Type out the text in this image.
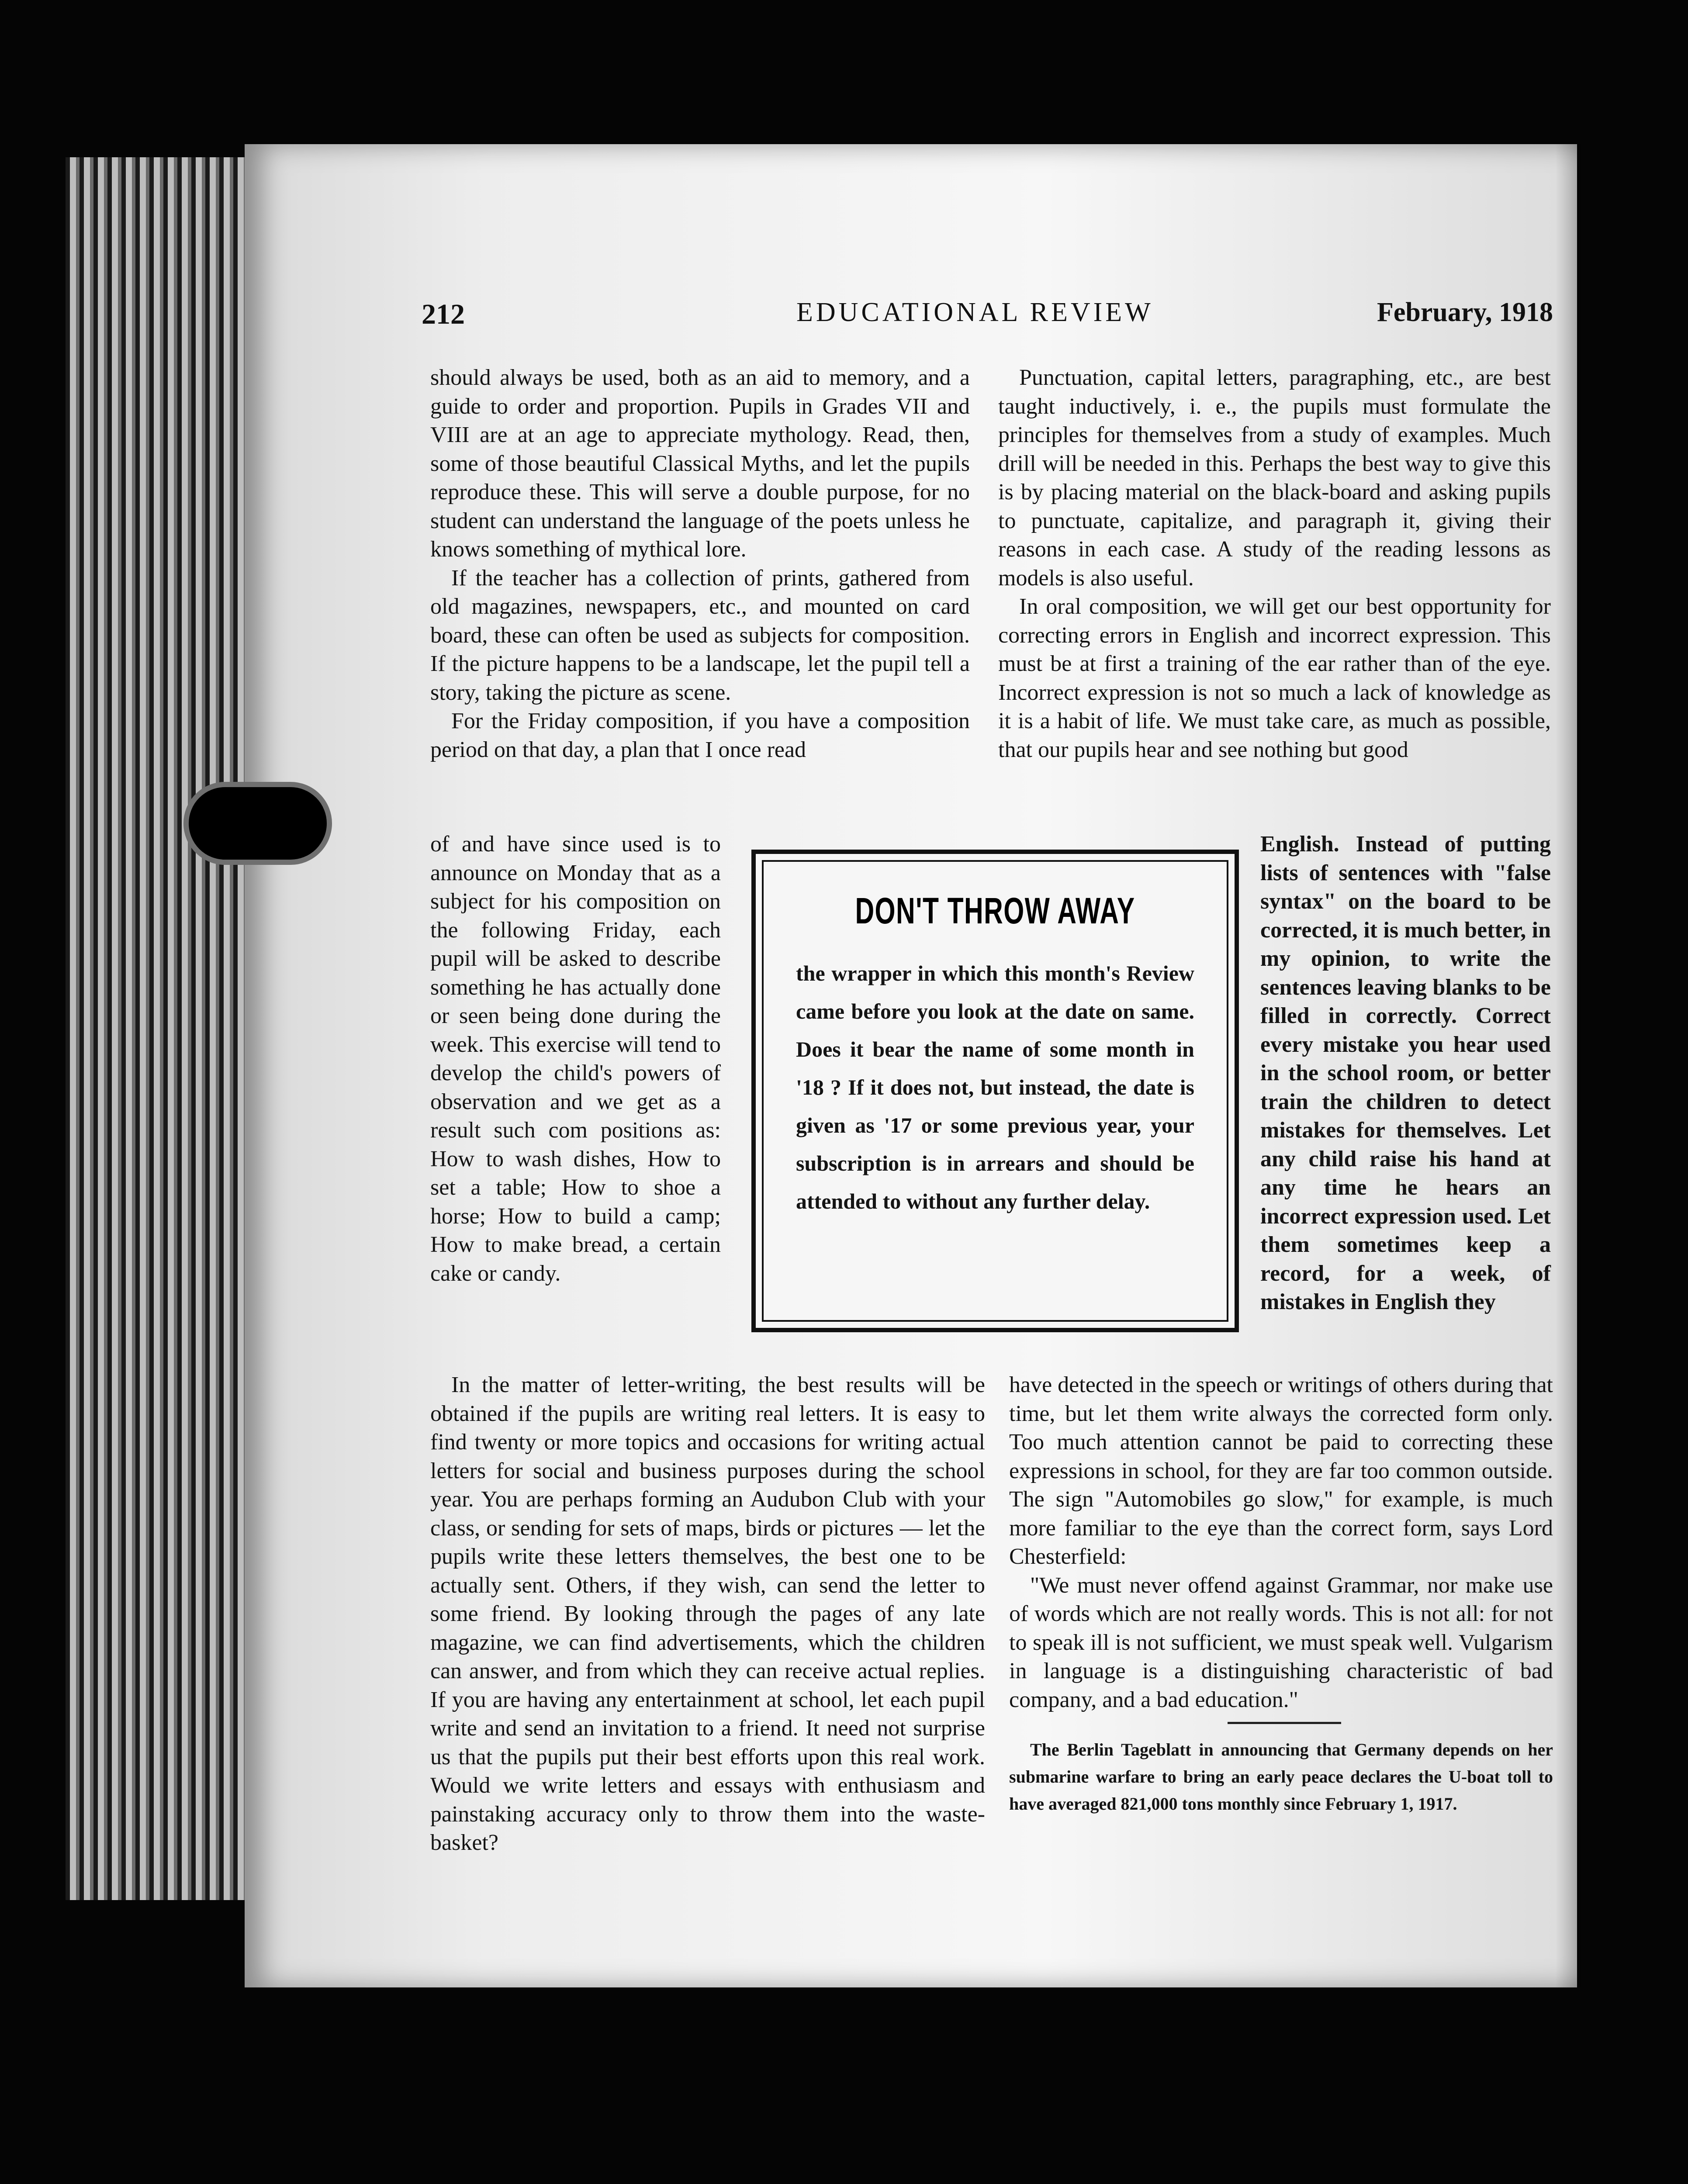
212	EDUCATIONAL REVIEW	February, 1918

should always be used, both as an aid to memory, and a guide to order and proportion. Pupils in Grades VII and VIII are at an age to appreciate mythology. Read, then, some of those beautiful Classical Myths, and let the pupils reproduce these. This will serve a double purpose, for no student can understand the language of the poets unless he knows something of mythical lore.

If the teacher has a collection of prints, gathered from old magazines, newspapers, etc., and mounted on card board, these can often be used as subjects for composition. If the picture happens to be a landscape, let the pupil tell a story, taking the picture as scene.

For the Friday composition, if you have a composition period on that day, a plan that I once read

of and have since used is to announce on Monday that as a subject for his composition on the following Friday, each pupil will be asked to describe something he has actually done or seen being done during the week. This exercise will tend to develop the child's powers of observation and we get as a result such com positions as: How to wash dishes, How to set a table; How to shoe a horse; How to build a camp; How to make bread, a certain cake or candy.

In the matter of letter-writing, the best results will be obtained if the pupils are writing real letters. It is easy to find twenty or more topics and occasions for writing actual letters for social and business purposes during the school year. You are perhaps forming an Audubon Club with your class, or sending for sets of maps, birds or pictures — let the pupils write these letters themselves, the best one to be actually sent. Others, if they wish, can send the letter to some friend. By looking through the pages of any late magazine, we can find advertisements, which the children can answer, and from which they can receive actual replies. If you are having any entertainment at school, let each pupil write and send an invitation to a friend. It need not surprise us that the pupils put their best efforts upon this real work. Would we write letters and essays with enthusiasm and painstaking accuracy only to throw them into the waste-basket?

Punctuation, capital letters, paragraphing, etc., are best taught inductively, i. e., the pupils must formulate the principles for themselves from a study of examples. Much drill will be needed in this. Perhaps the best way to give this is by placing material on the black-board and asking pupils to punctuate, capitalize, and paragraph it, giving their reasons in each case. A study of the reading lessons as models is also useful.

In oral composition, we will get our best opportunity for correcting errors in English and incorrect expression. This must be at first a training of the ear rather than of the eye. Incorrect expression is not so much a lack of knowledge as it is a habit of life. We must take care, as much as possible, that our pupils hear and see nothing but good

English. Instead of putting lists of sentences with "false syntax" on the board to be corrected, it is much better, in my opinion, to write the sentences leaving blanks to be filled in correctly. Correct every mistake you hear used in the school room, or better train the children to detect mistakes for themselves. Let any child raise his hand at any time he hears an incorrect expression used. Let them sometimes keep a record, for a week, of mistakes in English they

have detected in the speech or writings of others during that time, but let them write always the corrected form only. Too much attention cannot be paid to correcting these expressions in school, for they are far too common outside. The sign "Automobiles go slow," for example, is much more familiar to the eye than the correct form, says Lord Chesterfield:

"We must never offend against Grammar, nor make use of words which are not really words. This is not all: for not to speak ill is not sufficient, we must speak well. Vulgarism in language is a distinguishing characteristic of bad company, and a bad education."

The Berlin Tageblatt in announcing that Germany depends on her submarine warfare to bring an early peace declares the U-boat toll to have averaged 821,000 tons monthly since February 1, 1917.

DON'T THROW AWAY
the wrapper in which this month's Review came before you look at the date on same. Does it bear the name of some month in '18 ? If it does not, but instead, the date is given as '17 or some previous year, your subscription is in arrears and should be attended to without any further delay.
